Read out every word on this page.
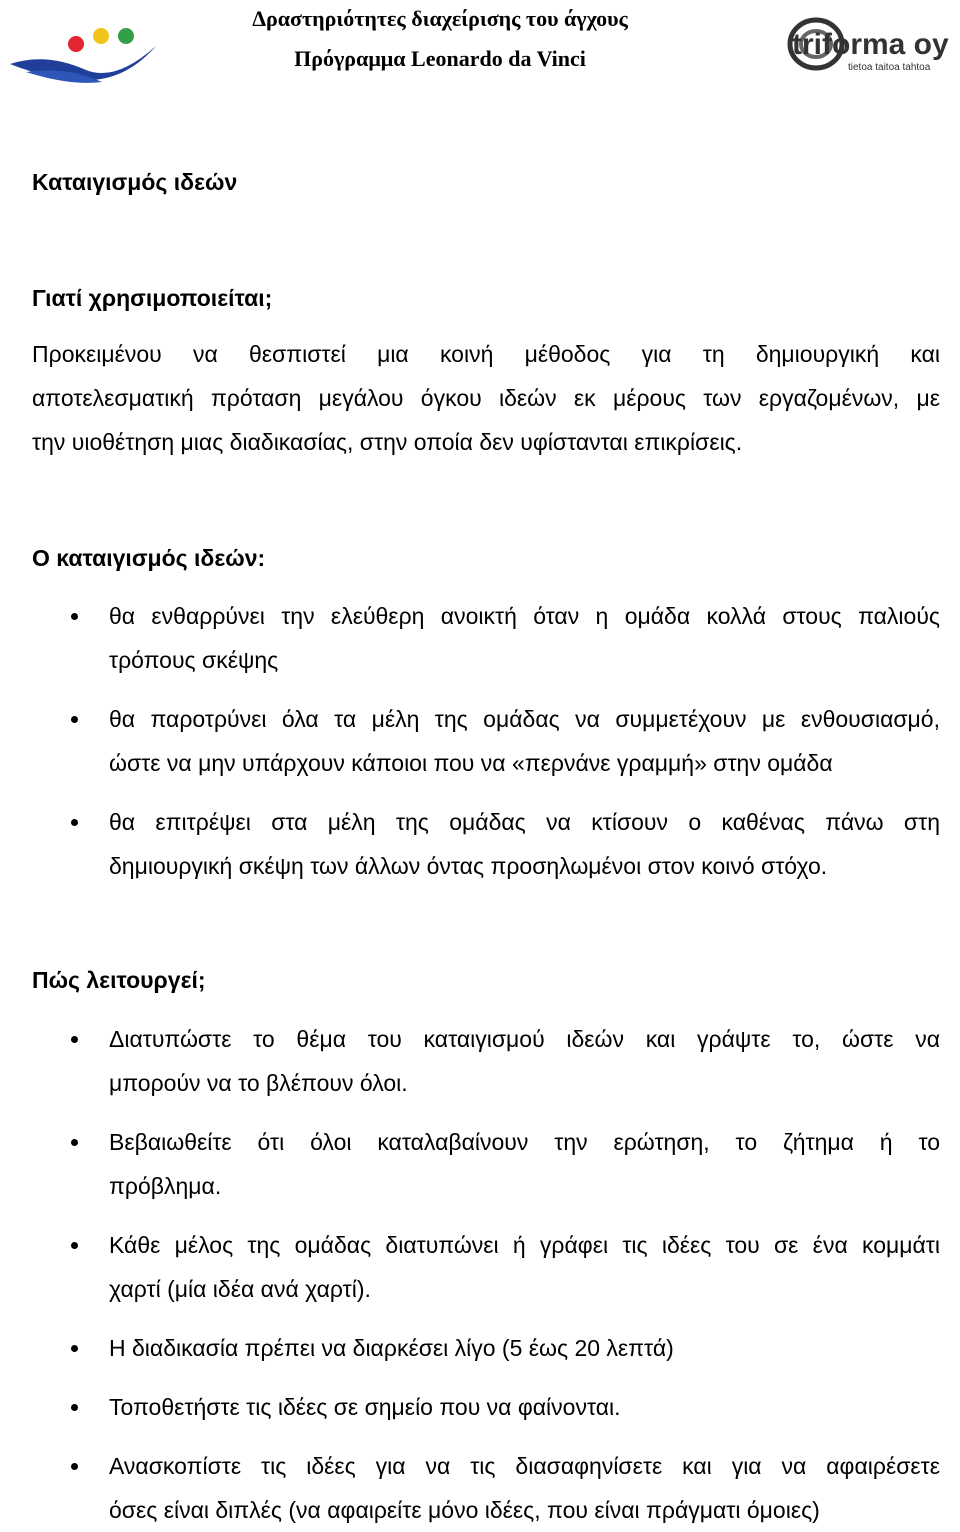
Δραστηριότητες διαχείρισης του άγχους
Πρόγραμμα Leonardo da Vinci	triforma oy
tietoa taitoa tahtoa
Καταιγισμός ιδεών
Γιατί χρησιμοποιείται;

Προκειμένου να θεσπιστεί μια κοινή μέθοδος για τη δημιουργική και
αποτελεσματική πρόταση μεγάλου όγκου ιδεών εκ μέρους των εργαζομένων, με
την υιοθέτηση μιας διαδικασίας, στην οποία δεν υφίστανται επικρίσεις.

Ο καταιγισμός ιδεών:
θα ενθαρρύνει την ελεύθερη ανοικτή όταν η ομάδα κολλά στους παλιούς
τρόπους σκέψης
θα παροτρύνει όλα τα μέλη της ομάδας να συμμετέχουν με ενθουσιασμό,
ώστε να μην υπάρχουν κάποιοι που να «περνάνε γραμμή» στην ομάδα
θα επιτρέψει στα μέλη της ομάδας να κτίσουν ο καθένας πάνω στη
δημιουργική σκέψη των άλλων όντας προσηλωμένοι στον κοινό στόχο.
Πώς λειτουργεί;
Διατυπώστε το θέμα του καταιγισμού ιδεών και γράψτε το, ώστε να
μπορούν να το βλέπουν όλοι.
Βεβαιωθείτε ότι όλοι καταλαβαίνουν την ερώτηση, το ζήτημα ή το
πρόβλημα.
Κάθε μέλος της ομάδας διατυπώνει ή γράφει τις ιδέες του σε ένα κομμάτι
χαρτί (μία ιδέα ανά χαρτί).
Η διαδικασία πρέπει να διαρκέσει λίγο (5 έως 20 λεπτά)
Τοποθετήστε τις ιδέες σε σημείο που να φαίνονται.
Ανασκοπίστε τις ιδέες για να τις διασαφηνίσετε και για να αφαιρέσετε
όσες είναι διπλές (να αφαιρείτε μόνο ιδέες, που είναι πράγματι όμοιες)
